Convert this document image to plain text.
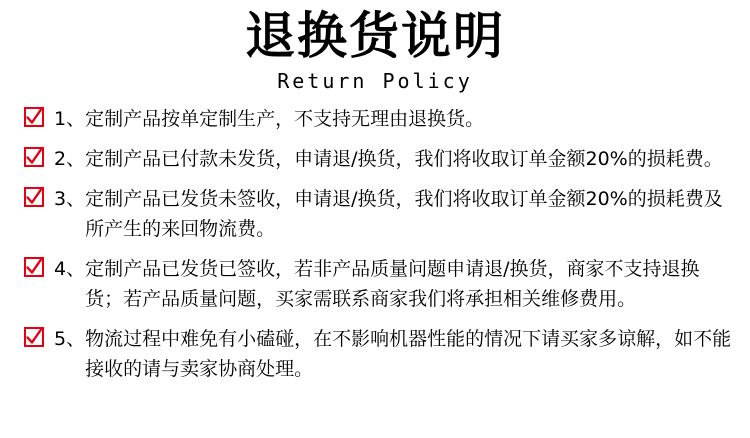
退换货说明
Return Policy
1、 定制产品按单定制生产，不支持无理由退换货。
2、 定制产品已付款未发货，申请退/换货，我们将收取订单金额20%的损耗费。
3、 定制产品已发货未签收，申请退/换货，我们将收取订单金额20%的损耗费及所产生的来回物流费。
4、 定制产品已发货已签收，若非产品质量问题申请退/换货，商家不支持退换货；若产品质量问题，买家需联系商家我们将承担相关维修费用。
5、 物流过程中难免有小磕碰，在不影响机器性能的情况下请买家多谅解，如不能接收的请与卖家协商处理。
